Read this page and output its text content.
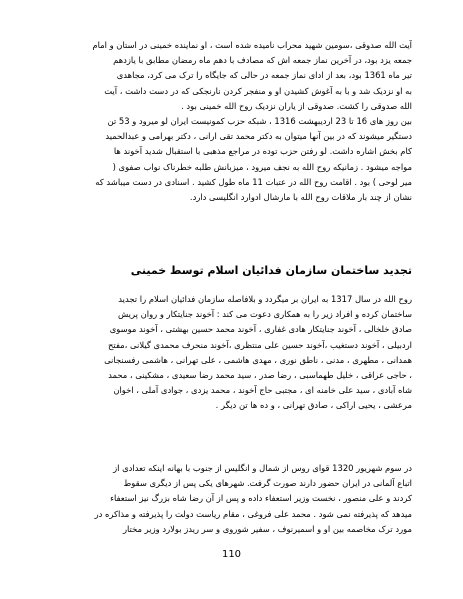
آیت الله صدوقی ،سومین شهید محراب نامیده شده است ، او نماینده خمینی در استان و امام
جمعه یزد بود، در آخرین نماز جمعه اش که مصادف با دهم ماه رمضان مطابق با یازدهم
تیر ماه 1361 بود، بعد از ادای نماز جمعه در حالی که جایگاه را ترک می کرد، مجاهدی
به او نزدیک شد و با به آغوش کشیدن او و منفجر کردن نارنجکی که در دست داشت ، آیت
الله صدوقی را کشت. صدوقی از یاران نزدیک روح الله خمینی بود .
بین روز های 16 تا 23 اردیبهشت 1316 ، شبکه حزب کمونیست ایران لو میرود و 53 تن
دستگیر میشوند که در بین آنها میتوان به دکتر محمد تقی ارانی ، دکتر بهرامی و عبدالحمید
کام بخش اشاره داشت. لو رفتن حزب توده در مراجع مذهبی با استقبال شدید آخوند ها
مواجه میشود . زمانیکه روح الله به نجف میرود ، میزبانش طلبه خطرناک نواب صفوی (
میر لوحی ) بود . اقامت روح الله در عتبات 11 ماه طول کشید . اسنادی در دست میباشد که
نشان از چند بار ملاقات روح الله با مارشال ادوارد انگلیسی دارد.
تجدید ساختمان سازمان فدائیان اسلام توسط خمینی
روح الله در سال 1317 به ایران بر میگردد و بلافاصله سازمان فدائیان اسلام را تجدید
ساختمان کرده و افراد زیر را به همکاری دعوت می کند : آخوند جنایتکار و روان پریش
صادق خلخالی ، آخوند جنایتکار هادی غفاری ، آخوند محمد حسین بهشتی ، آخوند موسوی
اردبیلی ، آخوند دستغیب ،آخوند حسین علی منتظری ،آخوند منحرف محمدی گیلانی ،مفتح
همدانی ، مطهری ، مدنی ، ناطق نوری ، مهدی هاشمی ، علی تهرانی ، هاشمی رفسنجانی
، حاجی عراقی ، خلیل طهماسبی ، رضا صدر ، سید محمد رضا سعیدی ، مشکینی ، محمد
شاه آبادی ، سید علی خامنه ای ، مجتبی حاج آخوند ، محمد یزدی ، جوادی آملی ، اخوان
مرعشی ، یحیی اراکی ، صادق تهرانی ، و ده ها تن دیگر .
در سوم شهریور 1320 قوای روس از شمال و انگلیس از جنوب با بهانه اینکه تعدادی از
اتباع آلمانی در ایران حضور دارند صورت گرفت. شهرهای یکی پس از دیگری سقوط
کردند و علی منصور ، نخست وزیر استعفاء داده و پس از آن رضا شاه بزرگ نیز استعفاء
میدهد که پذیرفته نمی شود . محمد علی فروغی ، مقام ریاست دولت را پذیرفته و مذاکره در
مورد ترک مخاصمه بین او و اسمیرنوف ، سفیر شوروی و سر ریدز بولارد وزیر مختار
110
